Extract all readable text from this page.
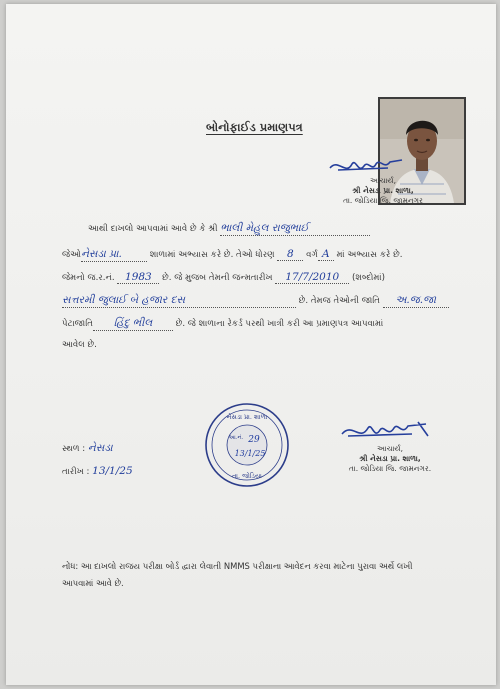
બોનોફાઈડ પ્રમાણપત્ર
આચાર્ય,
શ્રી નેસડા પ્રા. શાળા,
તા. જોડિયા જિ. જામનગર
આથી દાખલો આપવામાં આવે છે કે શ્રી ભાલી મેહુલ રાજુભાઈ
જેઓનેસડા પ્રા.	શાળામાં અભ્યાસ કરે છે. તેઓ ધોરણ 8 વર્ગ A માં અભ્યાસ કરે છે.
જેમનો જ.ર.નં. 1983 છે. જે મુજબ તેમની જન્મતારીખ 17/7/2010 (શબ્દોમાં)
સત્તરમી જુલાઈ બે હજાર દસ	છે. તેમજ તેઓની જાતિ અ.જ.જા
પેટાજાતિ હિંદુ ભીલ	છે. જે શાળાના રેકર્ડ પરથી ખાત્રી કરી આ પ્રમાણપત્ર આપવામાં
આવેલ છે.
સ્થળ : નેસડા
તારીખ : 13/1/25
નેસડા પ્રા. શાળા
આ.નં. 29
13/1/25
તા. જોડિયા
આચાર્ય,
શ્રી નેસડા પ્રા. શાળા,
તા. જોડિયા જિ. જામનગર.
નોંધ: આ દાખલો રાજય પરીક્ષા બોર્ડ દ્વારા લેવાતી NMMS પરીક્ષાના આવેદન કરવા માટેના પુરાવા અર્થે લખી આપવામાં આવે છે.
